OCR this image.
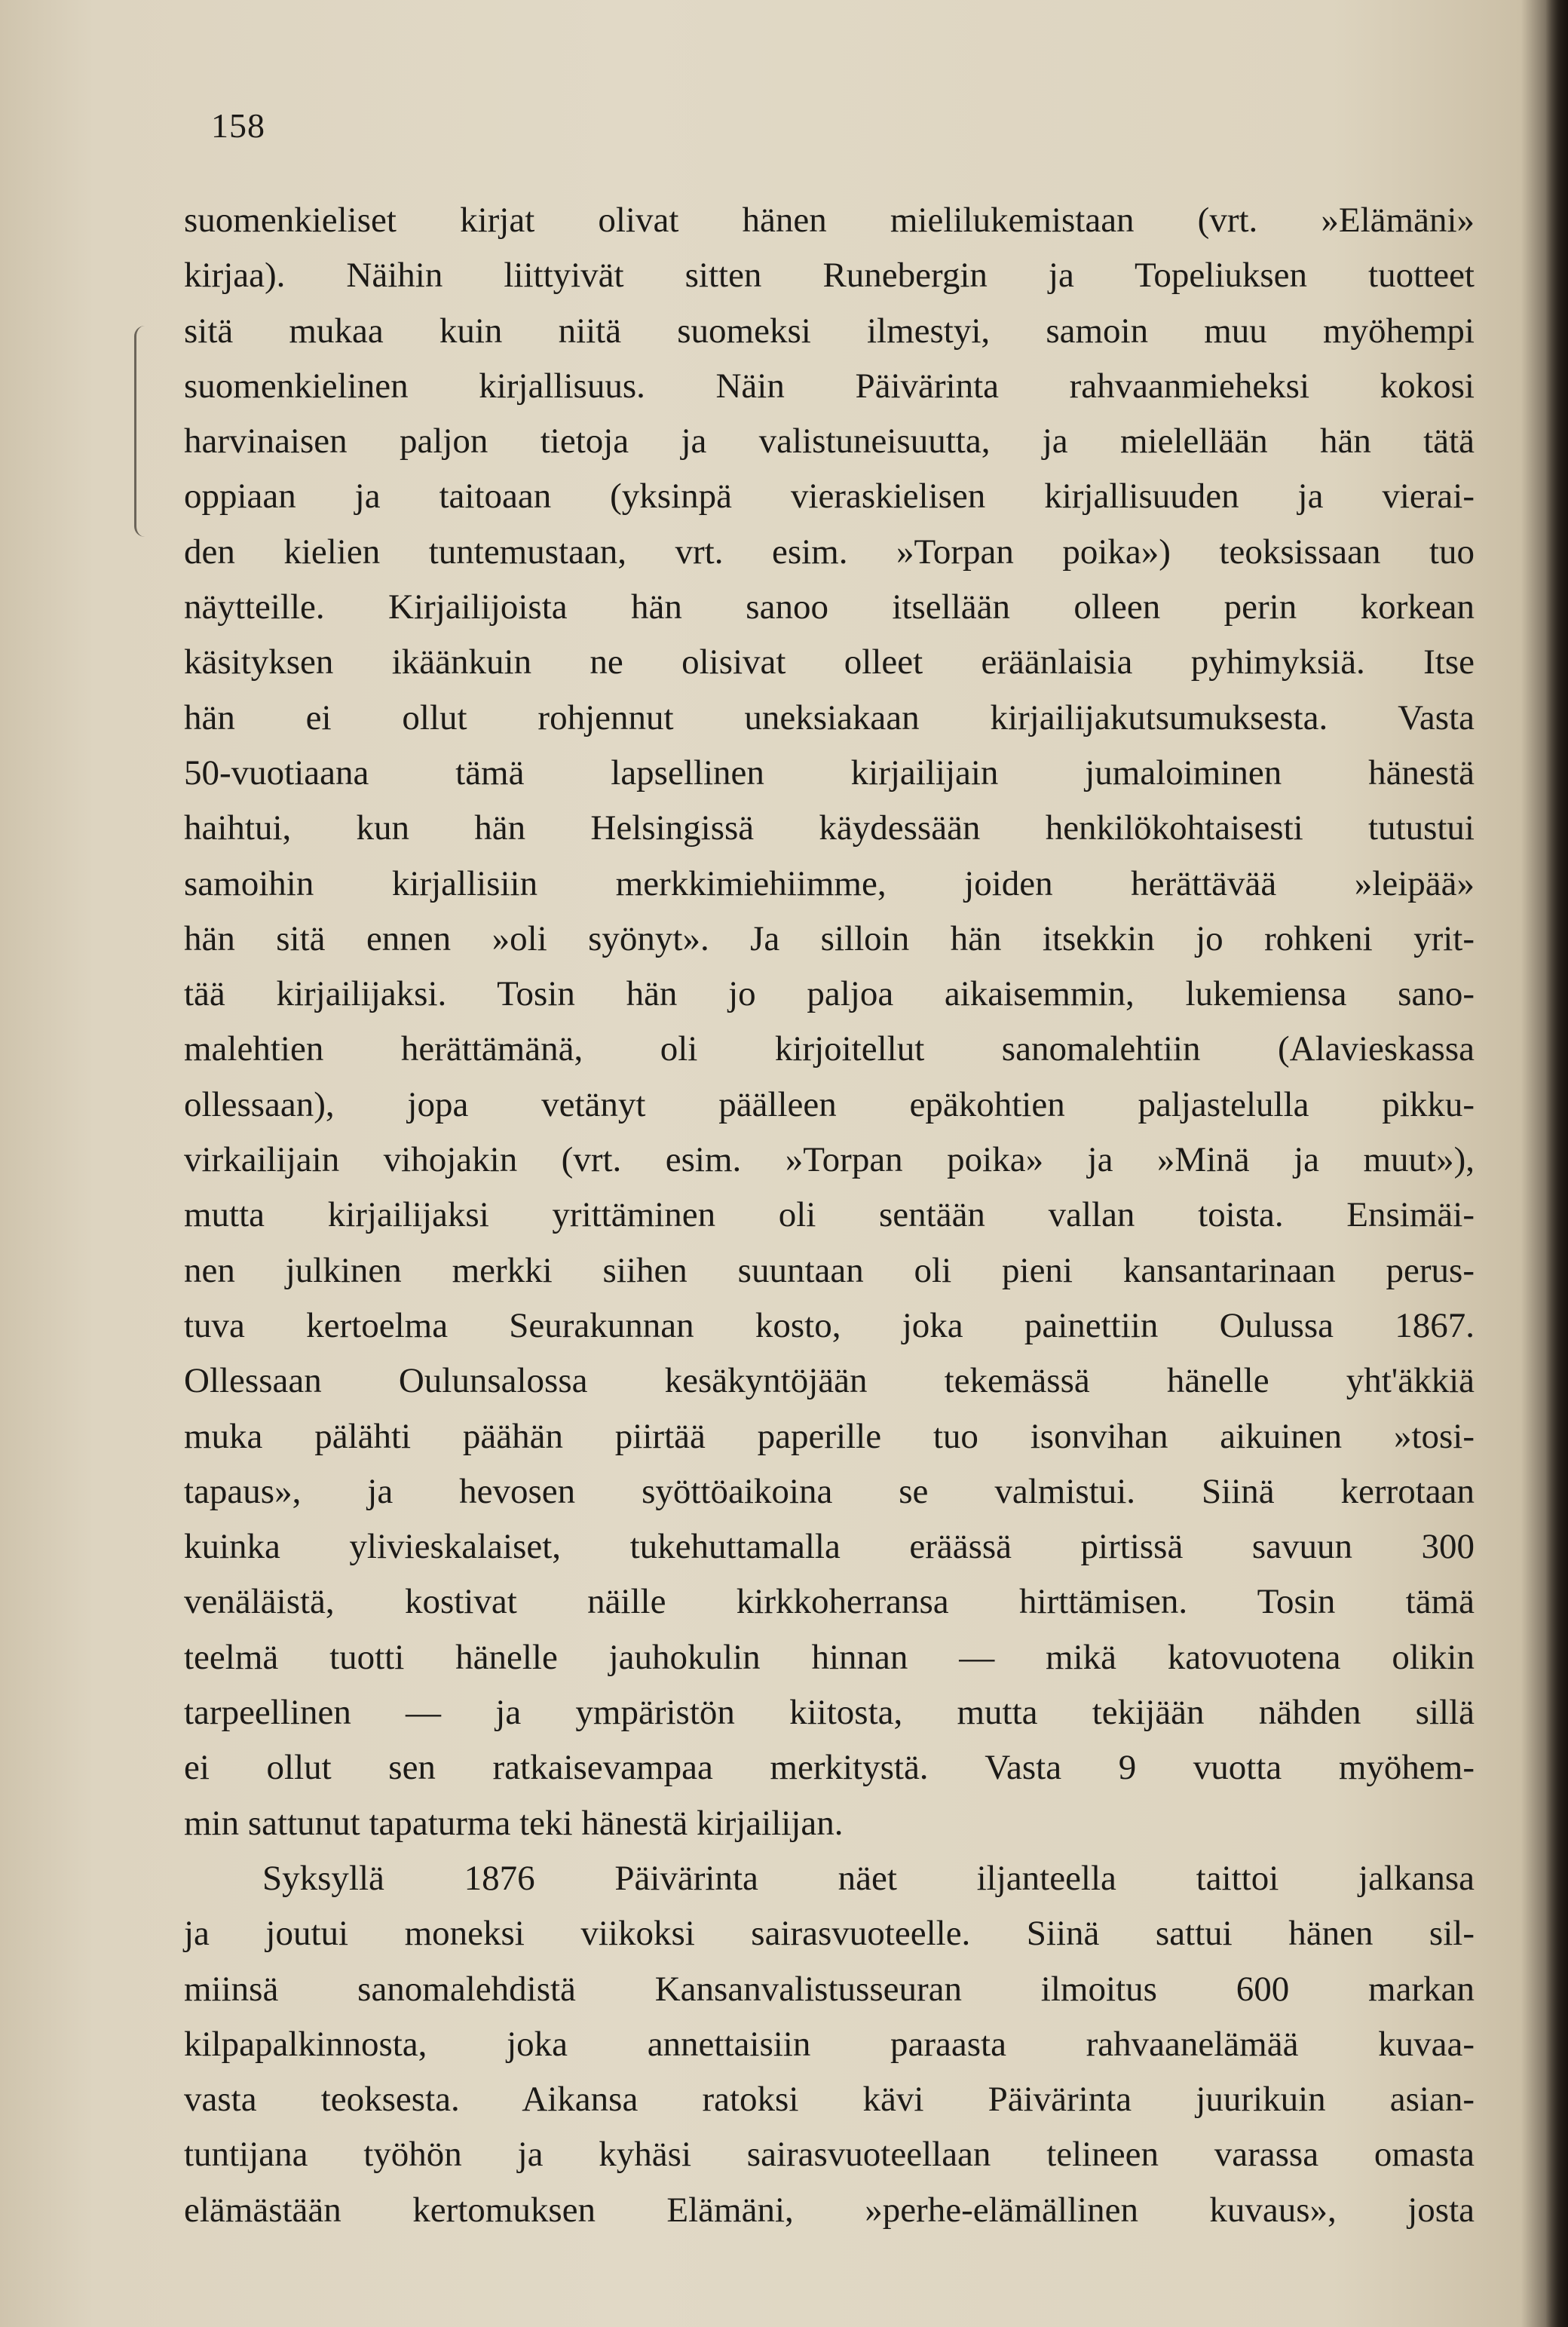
158
suomenkieliset kirjat olivat hänen mielilukemistaan (vrt. »Elämäni»
kirjaa). Näihin liittyivät sitten Runebergin ja Topeliuksen tuotteet
sitä mukaa kuin niitä suomeksi ilmestyi, samoin muu myöhempi
suomenkielinen kirjallisuus. Näin Päivärinta rahvaanmieheksi kokosi
harvinaisen paljon tietoja ja valistuneisuutta, ja mielellään hän tätä
oppiaan ja taitoaan (yksinpä vieraskielisen kirjallisuuden ja vierai-
den kielien tuntemustaan, vrt. esim. »Torpan poika») teoksissaan tuo
näytteille. Kirjailijoista hän sanoo itsellään olleen perin korkean
käsityksen ikäänkuin ne olisivat olleet eräänlaisia pyhimyksiä. Itse
hän ei ollut rohjennut uneksiakaan kirjailijakutsumuksesta. Vasta
50-vuotiaana tämä lapsellinen kirjailijain jumaloiminen hänestä
haihtui, kun hän Helsingissä käydessään henkilökohtaisesti tutustui
samoihin kirjallisiin merkkimiehiimme, joiden herättävää »leipää»
hän sitä ennen »oli syönyt». Ja silloin hän itsekkin jo rohkeni yrit-
tää kirjailijaksi. Tosin hän jo paljoa aikaisemmin, lukemiensa sano-
malehtien herättämänä, oli kirjoitellut sanomalehtiin (Alavieskassa
ollessaan), jopa vetänyt päälleen epäkohtien paljastelulla pikku-
virkailijain vihojakin (vrt. esim. »Torpan poika» ja »Minä ja muut»),
mutta kirjailijaksi yrittäminen oli sentään vallan toista. Ensimäi-
nen julkinen merkki siihen suuntaan oli pieni kansantarinaan perus-
tuva kertoelma Seurakunnan kosto, joka painettiin Oulussa 1867.
Ollessaan Oulunsalossa kesäkyntöjään tekemässä hänelle yht'äkkiä
muka pälähti päähän piirtää paperille tuo isonvihan aikuinen »tosi-
tapaus», ja hevosen syöttöaikoina se valmistui. Siinä kerrotaan
kuinka ylivieskalaiset, tukehuttamalla eräässä pirtissä savuun 300
venäläistä, kostivat näille kirkkoherransa hirttämisen. Tosin tämä
teelmä tuotti hänelle jauhokulin hinnan — mikä katovuotena olikin
tarpeellinen — ja ympäristön kiitosta, mutta tekijään nähden sillä
ei ollut sen ratkaisevampaa merkitystä. Vasta 9 vuotta myöhem-
min sattunut tapaturma teki hänestä kirjailijan.
Syksyllä 1876 Päivärinta näet iljanteella taittoi jalkansa
ja joutui moneksi viikoksi sairasvuoteelle. Siinä sattui hänen sil-
miinsä sanomalehdistä Kansanvalistusseuran ilmoitus 600 markan
kilpapalkinnosta, joka annettaisiin paraasta rahvaanelämää kuvaa-
vasta teoksesta. Aikansa ratoksi kävi Päivärinta juurikuin asian-
tuntijana työhön ja kyhäsi sairasvuoteellaan telineen varassa omasta
elämästään kertomuksen Elämäni, »perhe-elämällinen kuvaus», josta
